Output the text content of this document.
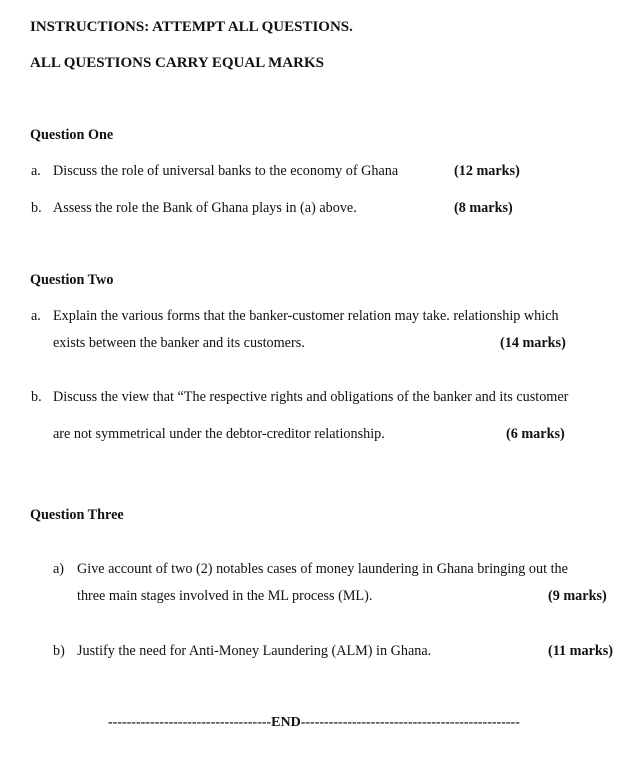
INSTRUCTIONS: ATTEMPT ALL QUESTIONS.
ALL QUESTIONS CARRY EQUAL MARKS
Question One
a. Discuss the role of universal banks to the economy of Ghana	(12 marks)
b. Assess the role the Bank of Ghana plays in (a) above.	(8 marks)
Question Two
a. Explain the various forms that the banker-customer relation may take. relationship which
exists between the banker and its customers.	(14 marks)
b. Discuss the view that “The respective rights and obligations of the banker and its customer
are not symmetrical under the debtor-creditor relationship.	(6 marks)
Question Three
a) Give account of two (2) notables cases of money laundering in Ghana bringing out the
three main stages involved in the ML process (ML).	(9 marks)
b) Justify the need for Anti-Money Laundering (ALM) in Ghana.	(11 marks)
-----------------------------------END-----------------------------------------------
